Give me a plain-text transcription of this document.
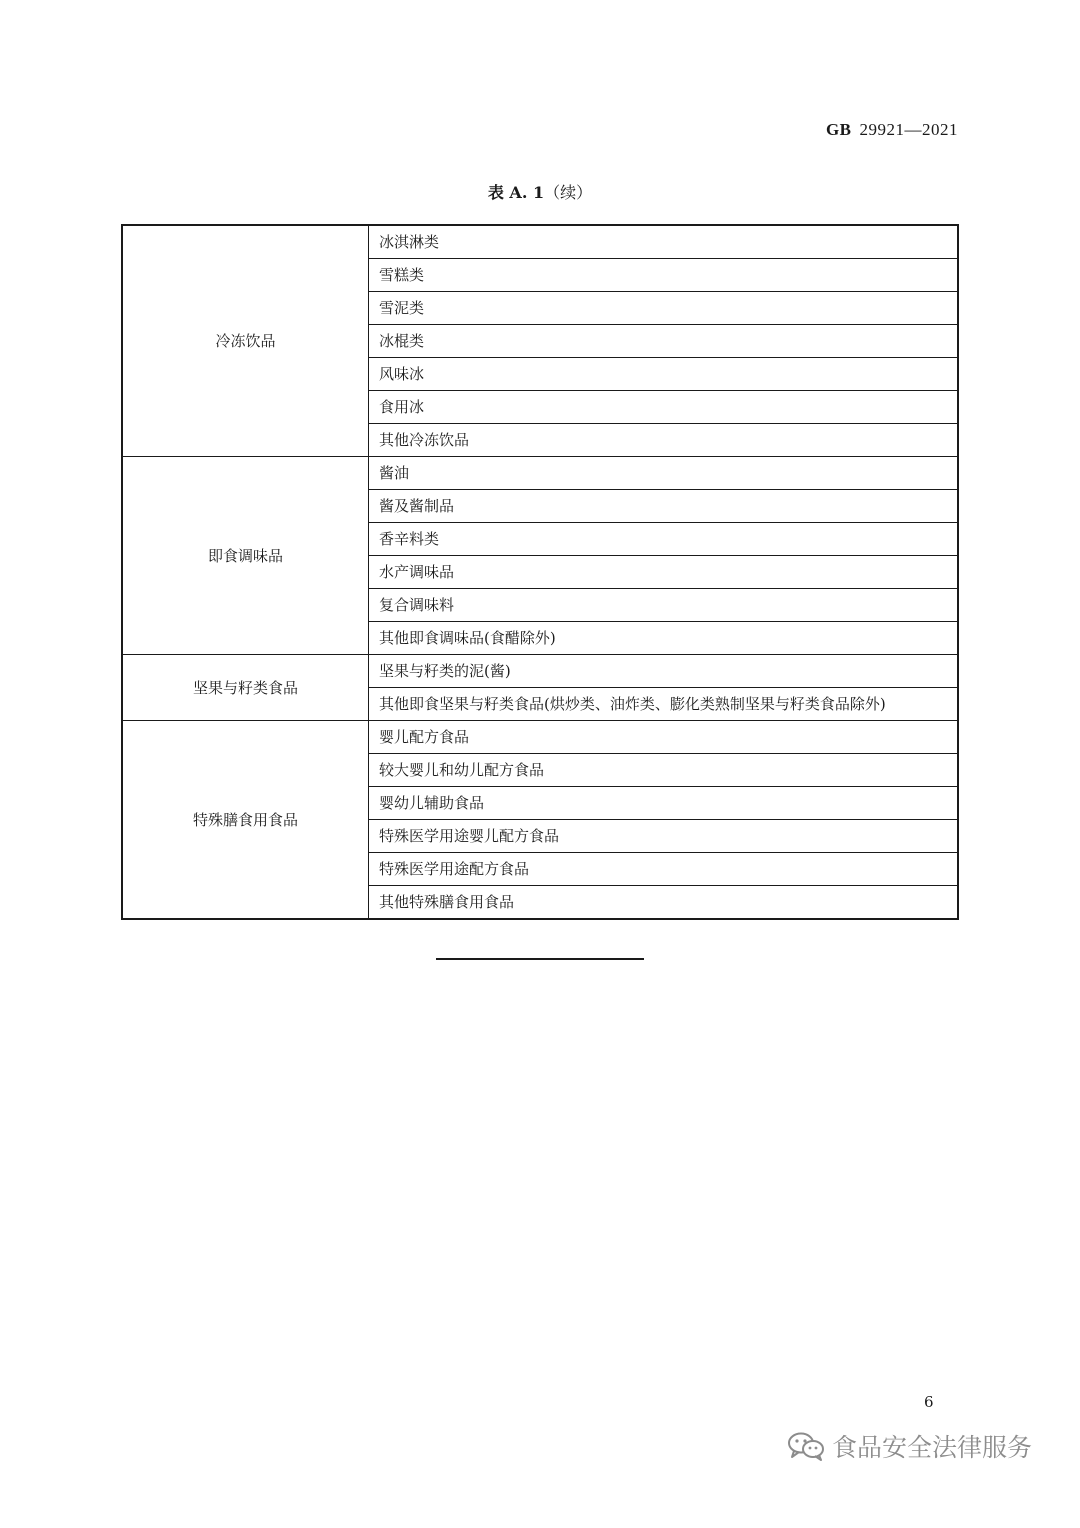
GB 29921—2021
表 A. 1（续）
冷冻饮品	冰淇淋类
	雪糕类
	雪泥类
	冰棍类
	风味冰
	食用冰
	其他冷冻饮品
即食调味品	酱油
	酱及酱制品
	香辛料类
	水产调味品
	复合调味料
	其他即食调味品(食醋除外)
坚果与籽类食品	坚果与籽类的泥(酱)
	其他即食坚果与籽类食品(烘炒类、油炸类、膨化类熟制坚果与籽类食品除外)
特殊膳食用食品	婴儿配方食品
	较大婴儿和幼儿配方食品
	婴幼儿辅助食品
	特殊医学用途婴儿配方食品
	特殊医学用途配方食品
	其他特殊膳食用食品
6
食品安全法律服务
